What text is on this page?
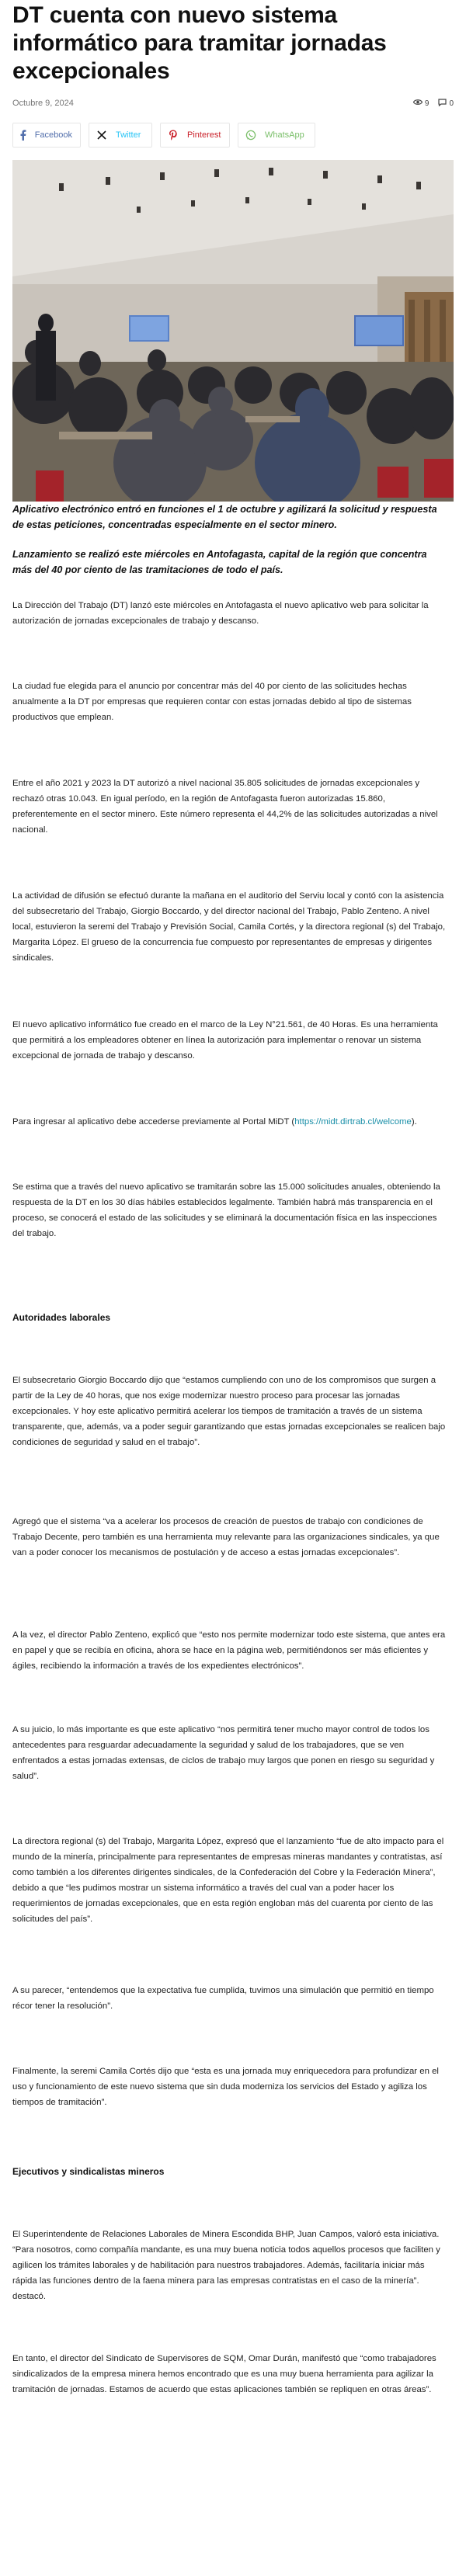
DT cuenta con nuevo sistema informático para tramitar jornadas excepcionales
Octubre 9, 2024	9	0
Facebook	Twitter	Pinterest	WhatsApp

Aplicativo electrónico entró en funciones el 1 de octubre y agilizará la solicitud y respuesta de estas peticiones, concentradas especialmente en el sector minero.

Lanzamiento se realizó este miércoles en Antofagasta, capital de la región que concentra más del 40 por ciento de las tramitaciones de todo el país.

La Dirección del Trabajo (DT) lanzó este miércoles en Antofagasta el nuevo aplicativo web para solicitar la autorización de jornadas excepcionales de trabajo y descanso.

La ciudad fue elegida para el anuncio por concentrar más del 40 por ciento de las solicitudes hechas anualmente a la DT por empresas que requieren contar con estas jornadas debido al tipo de sistemas productivos que emplean.

Entre el año 2021 y 2023 la DT autorizó a nivel nacional 35.805 solicitudes de jornadas excepcionales y rechazó otras 10.043. En igual período, en la región de Antofagasta fueron autorizadas 15.860, preferentemente en el sector minero. Este número representa el 44,2% de las solicitudes autorizadas a nivel nacional.

La actividad de difusión se efectuó durante la mañana en el auditorio del Serviu local y contó con la asistencia del subsecretario del Trabajo, Giorgio Boccardo, y del director nacional del Trabajo, Pablo Zenteno. A nivel local, estuvieron la seremi del Trabajo y Previsión Social, Camila Cortés, y la directora regional (s) del Trabajo, Margarita López. El grueso de la concurrencia fue compuesto por representantes de empresas y dirigentes sindicales.

El nuevo aplicativo informático fue creado en el marco de la Ley N°21.561, de 40 Horas. Es una herramienta que permitirá a los empleadores obtener en línea la autorización para implementar o renovar un sistema excepcional de jornada de trabajo y descanso.

Para ingresar al aplicativo debe accederse previamente al Portal MiDT (https://midt.dirtrab.cl/welcome).

Se estima que a través del nuevo aplicativo se tramitarán sobre las 15.000 solicitudes anuales, obteniendo la respuesta de la DT en los 30 días hábiles establecidos legalmente. También habrá más transparencia en el proceso, se conocerá el estado de las solicitudes y se eliminará la documentación física en las inspecciones del trabajo.

Autoridades laborales

El subsecretario Giorgio Boccardo dijo que “estamos cumpliendo con uno de los compromisos que surgen a partir de la Ley de 40 horas, que nos exige modernizar nuestro proceso para procesar las jornadas excepcionales. Y hoy este aplicativo permitirá acelerar los tiempos de tramitación a través de un sistema transparente, que, además, va a poder seguir garantizando que estas jornadas excepcionales se realicen bajo condiciones de seguridad y salud en el trabajo”.

Agregó que el sistema “va a acelerar los procesos de creación de puestos de trabajo con condiciones de Trabajo Decente, pero también es una herramienta muy relevante para las organizaciones sindicales, ya que van a poder conocer los mecanismos de postulación y de acceso a estas jornadas excepcionales”.

A la vez, el director Pablo Zenteno, explicó que “esto nos permite modernizar todo este sistema, que antes era en papel y que se recibía en oficina, ahora se hace en la página web, permitiéndonos ser más eficientes y ágiles, recibiendo la información a través de los expedientes electrónicos”.

A su juicio, lo más importante es que este aplicativo “nos permitirá tener mucho mayor control de todos los antecedentes para resguardar adecuadamente la seguridad y salud de los trabajadores, que se ven enfrentados a estas jornadas extensas, de ciclos de trabajo muy largos que ponen en riesgo su seguridad y salud”.

La directora regional (s) del Trabajo, Margarita López, expresó que el lanzamiento “fue de alto impacto para el mundo de la minería, principalmente para representantes de empresas mineras mandantes y contratistas, así como también a los diferentes dirigentes sindicales, de la Confederación del Cobre y la Federación Minera”, debido a que “les pudimos mostrar un sistema informático a través del cual van a poder hacer los requerimientos de jornadas excepcionales, que en esta región engloban más del cuarenta por ciento de las solicitudes del país”.

A su parecer, “entendemos que la expectativa fue cumplida, tuvimos una simulación que permitió en tiempo récor tener la resolución”.

Finalmente, la seremi Camila Cortés dijo que “esta es una jornada muy enriquecedora para profundizar en el uso y funcionamiento de este nuevo sistema que sin duda moderniza los servicios del Estado y agiliza los tiempos de tramitación”.

Ejecutivos y sindicalistas mineros

El Superintendente de Relaciones Laborales de Minera Escondida BHP, Juan Campos, valoró esta iniciativa. “Para nosotros, como compañía mandante, es una muy buena noticia todos aquellos procesos que faciliten y agilicen los trámites laborales y de habilitación para nuestros trabajadores. Además, facilitaría iniciar más rápida las funciones dentro de la faena minera para las empresas contratistas en el caso de la minería”. destacó.

En tanto, el director del Sindicato de Supervisores de SQM, Omar Durán, manifestó que “como trabajadores sindicalizados de la empresa minera hemos encontrado que es una muy buena herramienta para agilizar la tramitación de jornadas. Estamos de acuerdo que estas aplicaciones también se repliquen en otras áreas”.
